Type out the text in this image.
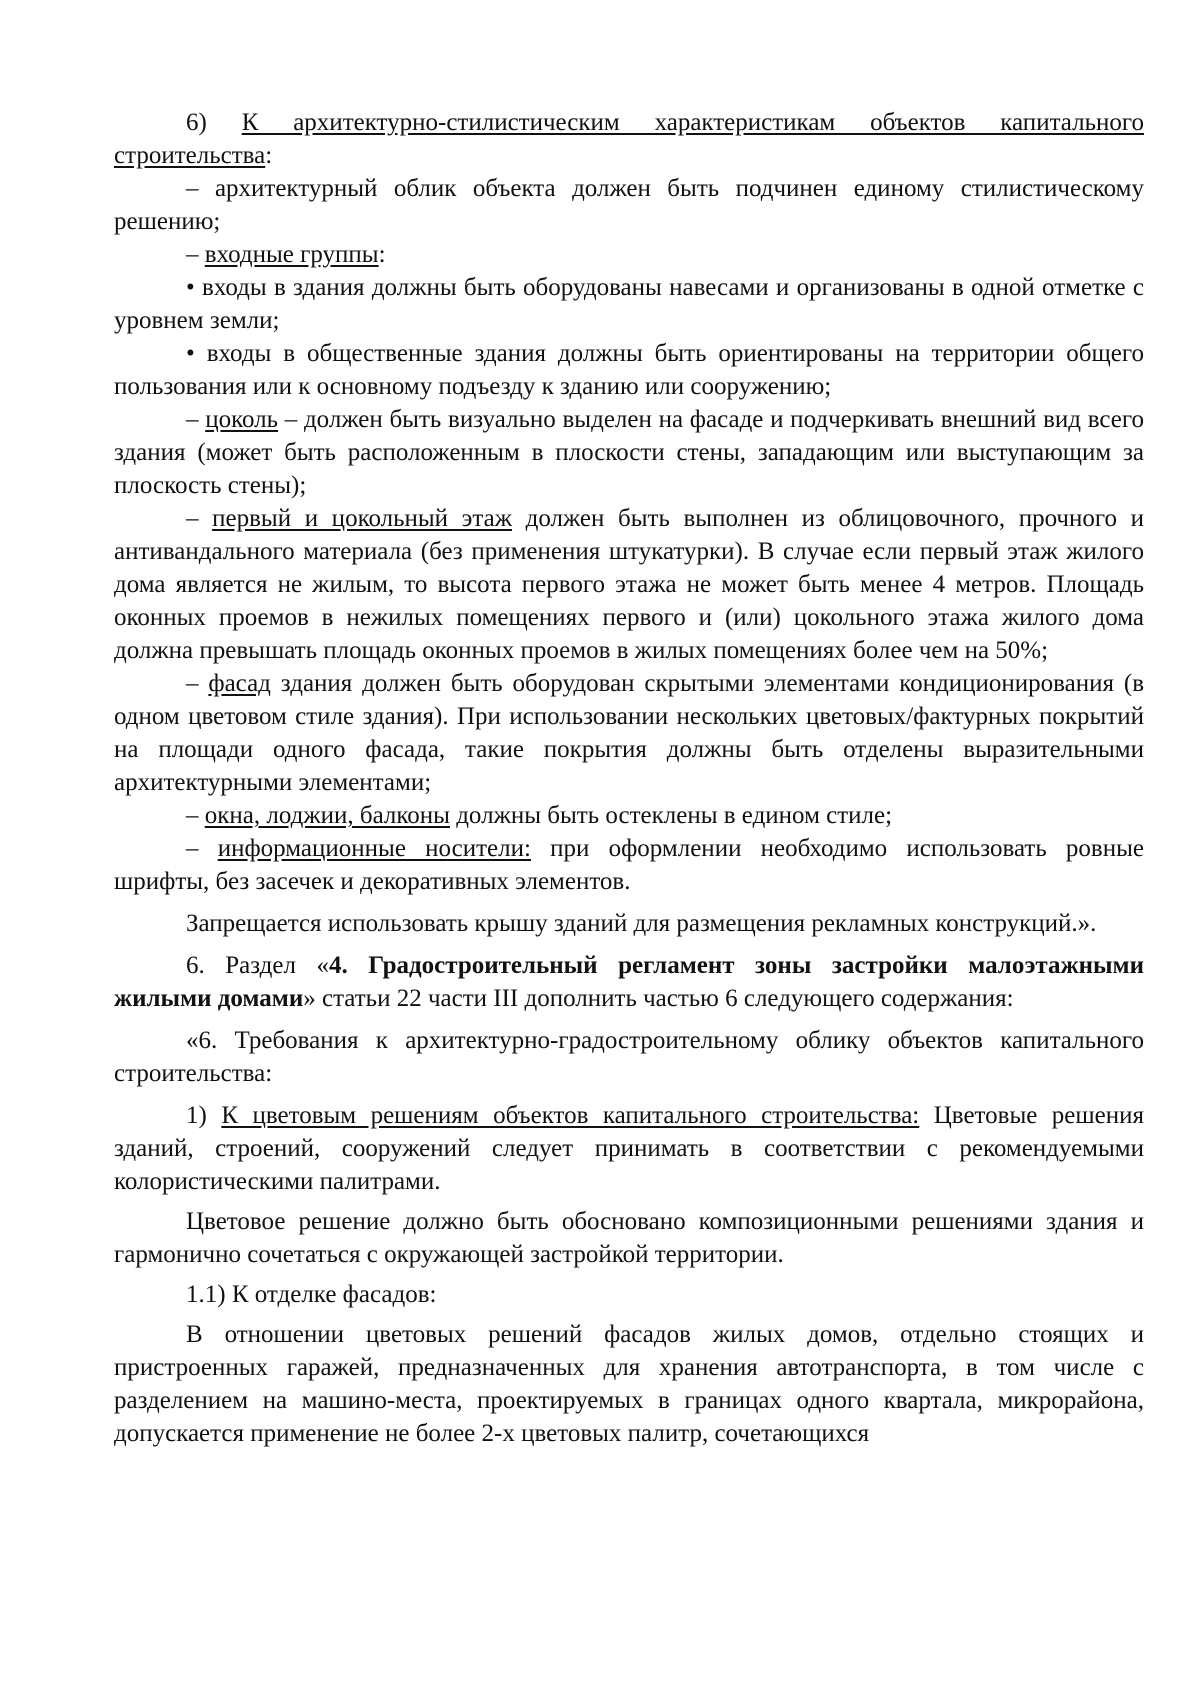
6) К архитектурно-стилистическим характеристикам объектов капитального строительства:

– архитектурный облик объекта должен быть подчинен единому стилистическому решению;

– входные группы:

• входы в здания должны быть оборудованы навесами и организованы в одной отметке с уровнем земли;

• входы в общественные здания должны быть ориентированы на территории общего пользования или к основному подъезду к зданию или сооружению;

– цоколь – должен быть визуально выделен на фасаде и подчеркивать внешний вид всего здания (может быть расположенным в плоскости стены, западающим или выступающим за плоскость стены);

– первый и цокольный этаж должен быть выполнен из облицовочного, прочного и антивандального материала (без применения штукатурки). В случае если первый этаж жилого дома является не жилым, то высота первого этажа не может быть менее 4 метров. Площадь оконных проемов в нежилых помещениях первого и (или) цокольного этажа жилого дома должна превышать площадь оконных проемов в жилых помещениях более чем на 50%;

– фасад здания должен быть оборудован скрытыми элементами кондиционирования (в одном цветовом стиле здания). При использовании нескольких цветовых/фактурных покрытий на площади одного фасада, такие покрытия должны быть отделены выразительными архитектурными элементами;

– окна, лоджии, балконы должны быть остеклены в едином стиле;

– информационные носители: при оформлении необходимо использовать ровные шрифты, без засечек и декоративных элементов.

Запрещается использовать крышу зданий для размещения рекламных конструкций.».

6. Раздел «4. Градостроительный регламент зоны застройки малоэтажными жилыми домами» статьи 22 части III дополнить частью 6 следующего содержания:

«6. Требования к архитектурно-градостроительному облику объектов капитального строительства:

1) К цветовым решениям объектов капитального строительства: Цветовые решения зданий, строений, сооружений следует принимать в соответствии с рекомендуемыми колористическими палитрами.

Цветовое решение должно быть обосновано композиционными решениями здания и гармонично сочетаться с окружающей застройкой территории.

1.1) К отделке фасадов:

В отношении цветовых решений фасадов жилых домов, отдельно стоящих и пристроенных гаражей, предназначенных для хранения автотранспорта, в том числе с разделением на машино-места, проектируемых в границах одного квартала, микрорайона, допускается применение не более 2-х цветовых палитр, сочетающихся
